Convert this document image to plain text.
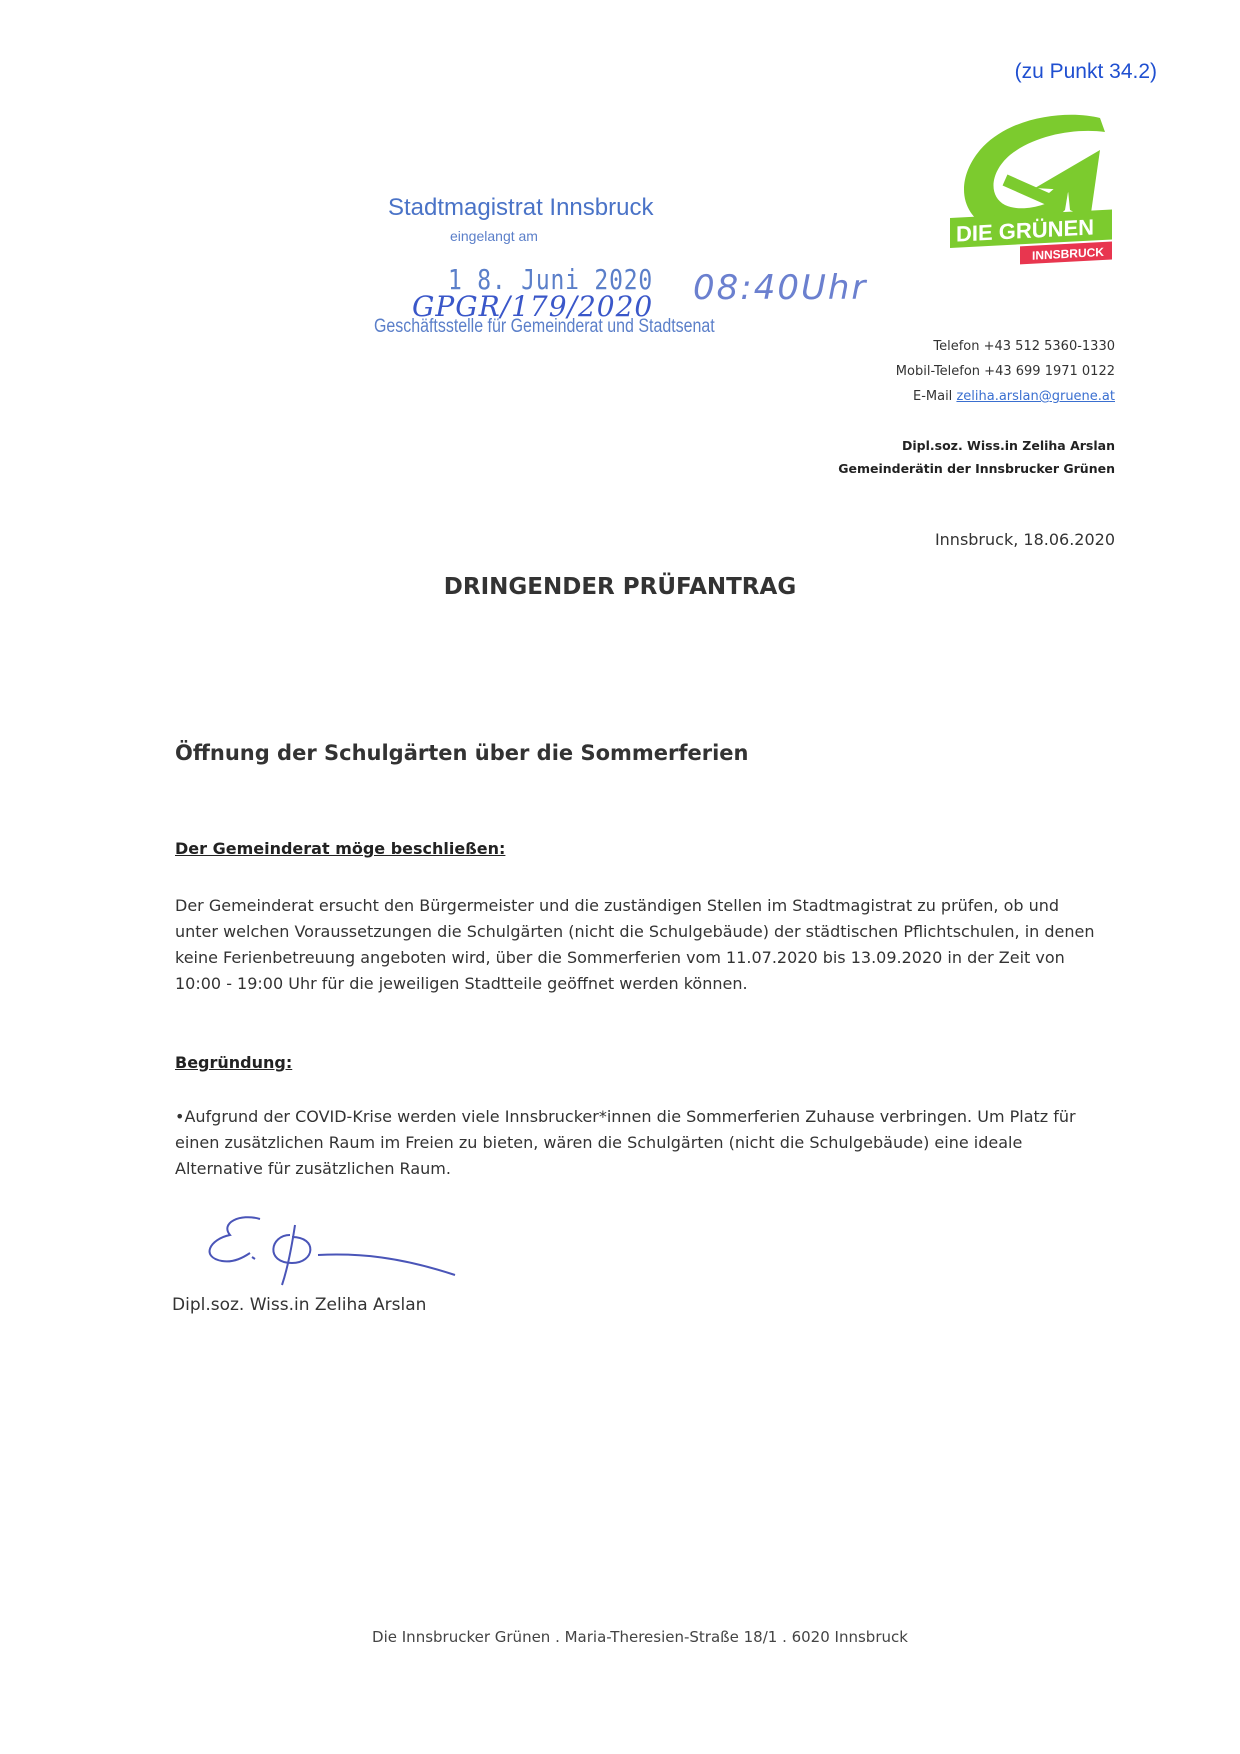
(zu Punkt 34.2)
Stadtmagistrat Innsbruck
eingelangt am
1 8. Juni 2020
GPGR/179/2020
Geschäftsstelle für Gemeinderat und Stadtsenat
08:40Uhr
DIE GRÜNEN
INNSBRUCK
Telefon +43 512 5360-1330
Mobil-Telefon +43 699 1971 0122
E-Mail zeliha.arslan@gruene.at
Dipl.soz. Wiss.in Zeliha Arslan
Gemeinderätin der Innsbrucker Grünen
Innsbruck, 18.06.2020
DRINGENDER PRÜFANTRAG
Öffnung der Schulgärten über die Sommerferien
Der Gemeinderat möge beschließen:
Der Gemeinderat ersucht den Bürgermeister und die zuständigen Stellen im Stadtmagistrat zu prüfen, ob und unter welchen Voraussetzungen die Schulgärten (nicht die Schulgebäude) der städtischen Pflichtschulen, in denen keine Ferienbetreuung angeboten wird, über die Sommerferien vom 11.07.2020 bis 13.09.2020 in der Zeit von 10:00 - 19:00 Uhr für die jeweiligen Stadtteile geöffnet werden können.
Begründung:
•Aufgrund der COVID-Krise werden viele Innsbrucker*innen die Sommerferien Zuhause verbringen. Um Platz für einen zusätzlichen Raum im Freien zu bieten, wären die Schulgärten (nicht die Schulgebäude) eine ideale Alternative für zusätzlichen Raum.
Dipl.soz. Wiss.in Zeliha Arslan
Die Innsbrucker Grünen . Maria-Theresien-Straße 18/1 . 6020 Innsbruck
